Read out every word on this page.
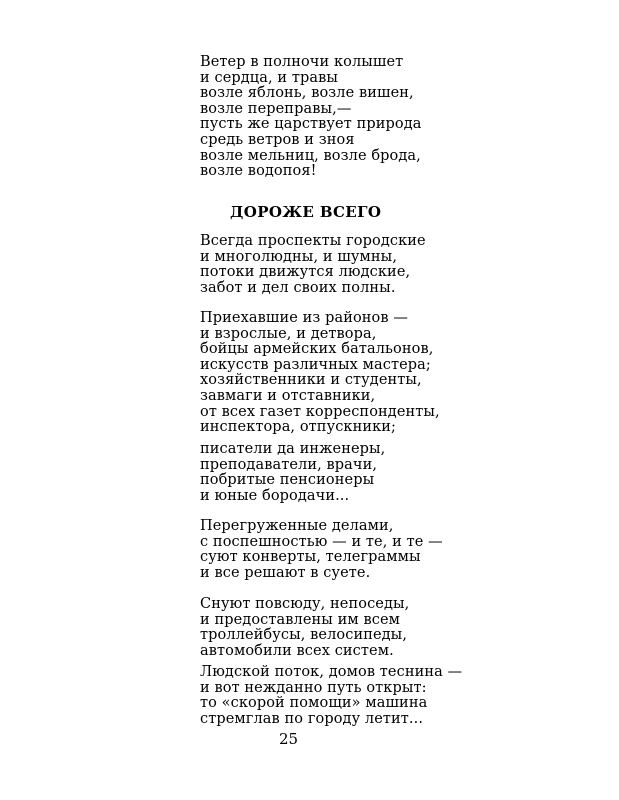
Ветер в полночи колышет
и сердца, и травы
возле яблонь, возле вишен,
возле переправы,—
пусть же царствует природа
средь ветров и зноя
возле мельниц, возле брода,
возле водопоя!
ДОРОЖЕ ВСЕГО
Всегда проспекты городские
и многолюдны, и шумны,
потоки движутся людские,
забот и дел своих полны.
Приехавшие из районов —
и взрослые, и детвора,
бойцы армейских батальонов,
искусств различных мастера;
хозяйственники и студенты,
завмаги и отставники,
от всех газет корреспонденты,
инспектора, отпускники;
писатели да инженеры,
преподаватели, врачи,
побритые пенсионеры
и юные бородачи...
Перегруженные делами,
с поспешностью — и те, и те —
суют конверты, телеграммы
и все решают в суете.
Снуют повсюду, непоседы,
и предоставлены им всем
троллейбусы, велосипеды,
автомобили всех систем.
Людской поток, домов теснина —
и вот нежданно путь открыт:
то «скорой помощи» машина
стремглав по городу летит...
25
